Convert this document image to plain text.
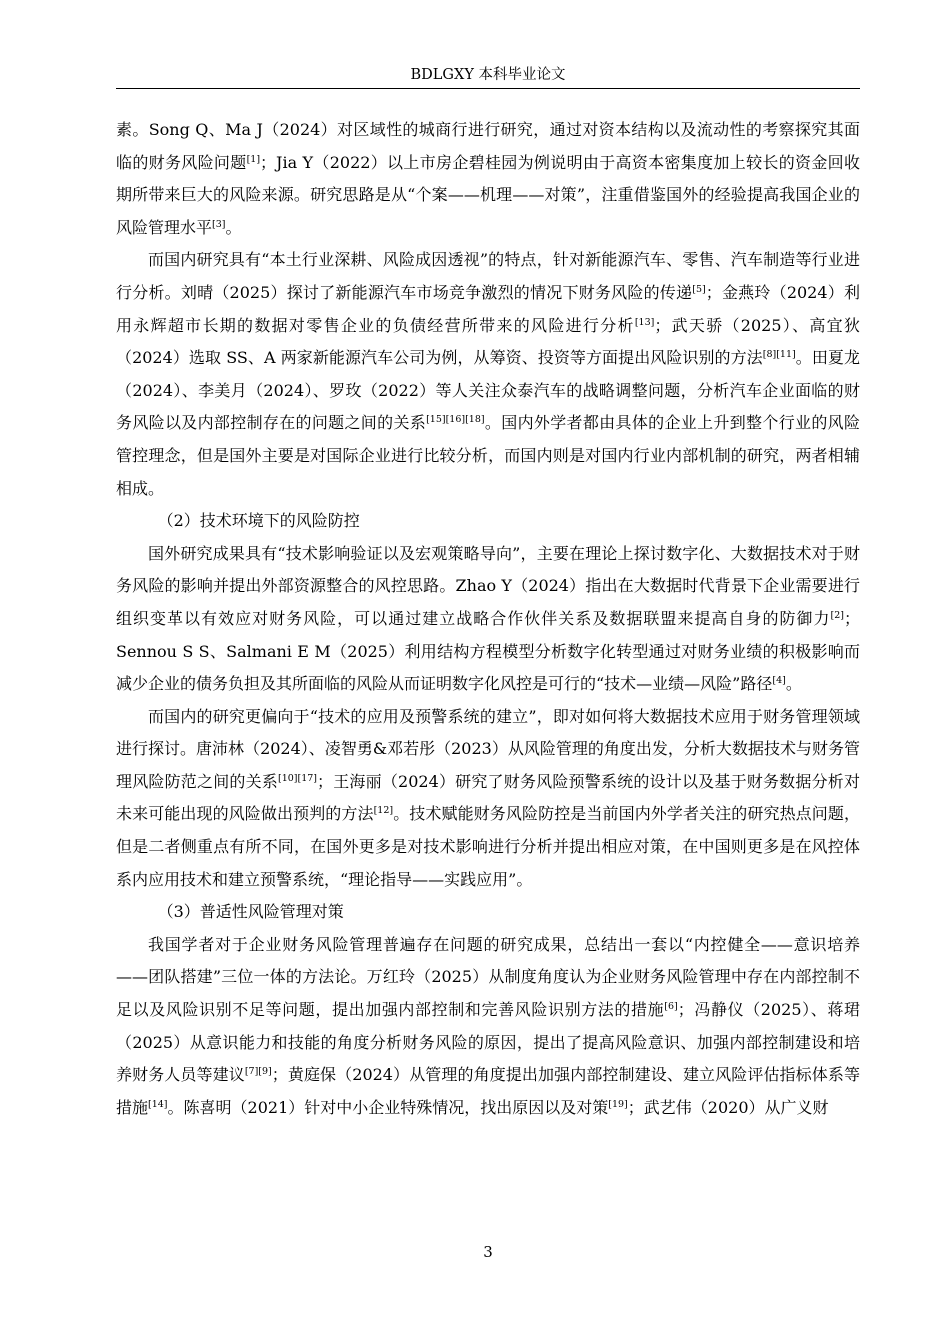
BDLGXY 本科毕业论文

素。Song Q、Ma J（2024）对区域性的城商行进行研究，通过对资本结构以及流动性的考察探究其面临的财务风险问题[1]；Jia Y（2022）以上市房企碧桂园为例说明由于高资本密集度加上较长的资金回收期所带来巨大的风险来源。研究思路是从“个案——机理——对策”，注重借鉴国外的经验提高我国企业的风险管理水平[3]。

而国内研究具有“本土行业深耕、风险成因透视”的特点，针对新能源汽车、零售、汽车制造等行业进行分析。刘晴（2025）探讨了新能源汽车市场竞争激烈的情况下财务风险的传递[5]；金燕玲（2024）利用永辉超市长期的数据对零售企业的负债经营所带来的风险进行分析[13]；武天骄（2025）、高宜狄（2024）选取 SS、A 两家新能源汽车公司为例，从筹资、投资等方面提出风险识别的方法[8][11]。田夏龙（2024）、李美月（2024）、罗玫（2022）等人关注众泰汽车的战略调整问题，分析汽车企业面临的财务风险以及内部控制存在的问题之间的关系[15][16][18]。国内外学者都由具体的企业上升到整个行业的风险管控理念，但是国外主要是对国际企业进行比较分析，而国内则是对国内行业内部机制的研究，两者相辅相成。

（2）技术环境下的风险防控

国外研究成果具有“技术影响验证以及宏观策略导向”，主要在理论上探讨数字化、大数据技术对于财务风险的影响并提出外部资源整合的风控思路。Zhao Y（2024）指出在大数据时代背景下企业需要进行组织变革以有效应对财务风险，可以通过建立战略合作伙伴关系及数据联盟来提高自身的防御力[2]；Sennou S S、Salmani E M（2025）利用结构方程模型分析数字化转型通过对财务业绩的积极影响而减少企业的债务负担及其所面临的风险从而证明数字化风控是可行的“技术—业绩—风险”路径[4]。

而国内的研究更偏向于“技术的应用及预警系统的建立”，即对如何将大数据技术应用于财务管理领域进行探讨。唐沛林（2024）、凌智勇&邓若彤（2023）从风险管理的角度出发，分析大数据技术与财务管理风险防范之间的关系[10][17]；王海丽（2024）研究了财务风险预警系统的设计以及基于财务数据分析对未来可能出现的风险做出预判的方法[12]。技术赋能财务风险防控是当前国内外学者关注的研究热点问题，但是二者侧重点有所不同，在国外更多是对技术影响进行分析并提出相应对策，在中国则更多是在风控体系内应用技术和建立预警系统，“理论指导——实践应用”。

（3）普适性风险管理对策

我国学者对于企业财务风险管理普遍存在问题的研究成果，总结出一套以“内控健全——意识培养——团队搭建”三位一体的方法论。万红玲（2025）从制度角度认为企业财务风险管理中存在内部控制不足以及风险识别不足等问题，提出加强内部控制和完善风险识别方法的措施[6]；冯静仪（2025）、蒋珺（2025）从意识能力和技能的角度分析财务风险的原因，提出了提高风险意识、加强内部控制建设和培养财务人员等建议[7][9]；黄庭保（2024）从管理的角度提出加强内部控制建设、建立风险评估指标体系等措施[14]。陈喜明（2021）针对中小企业特殊情况，找出原因以及对策[19]；武艺伟（2020）从广义财

3
